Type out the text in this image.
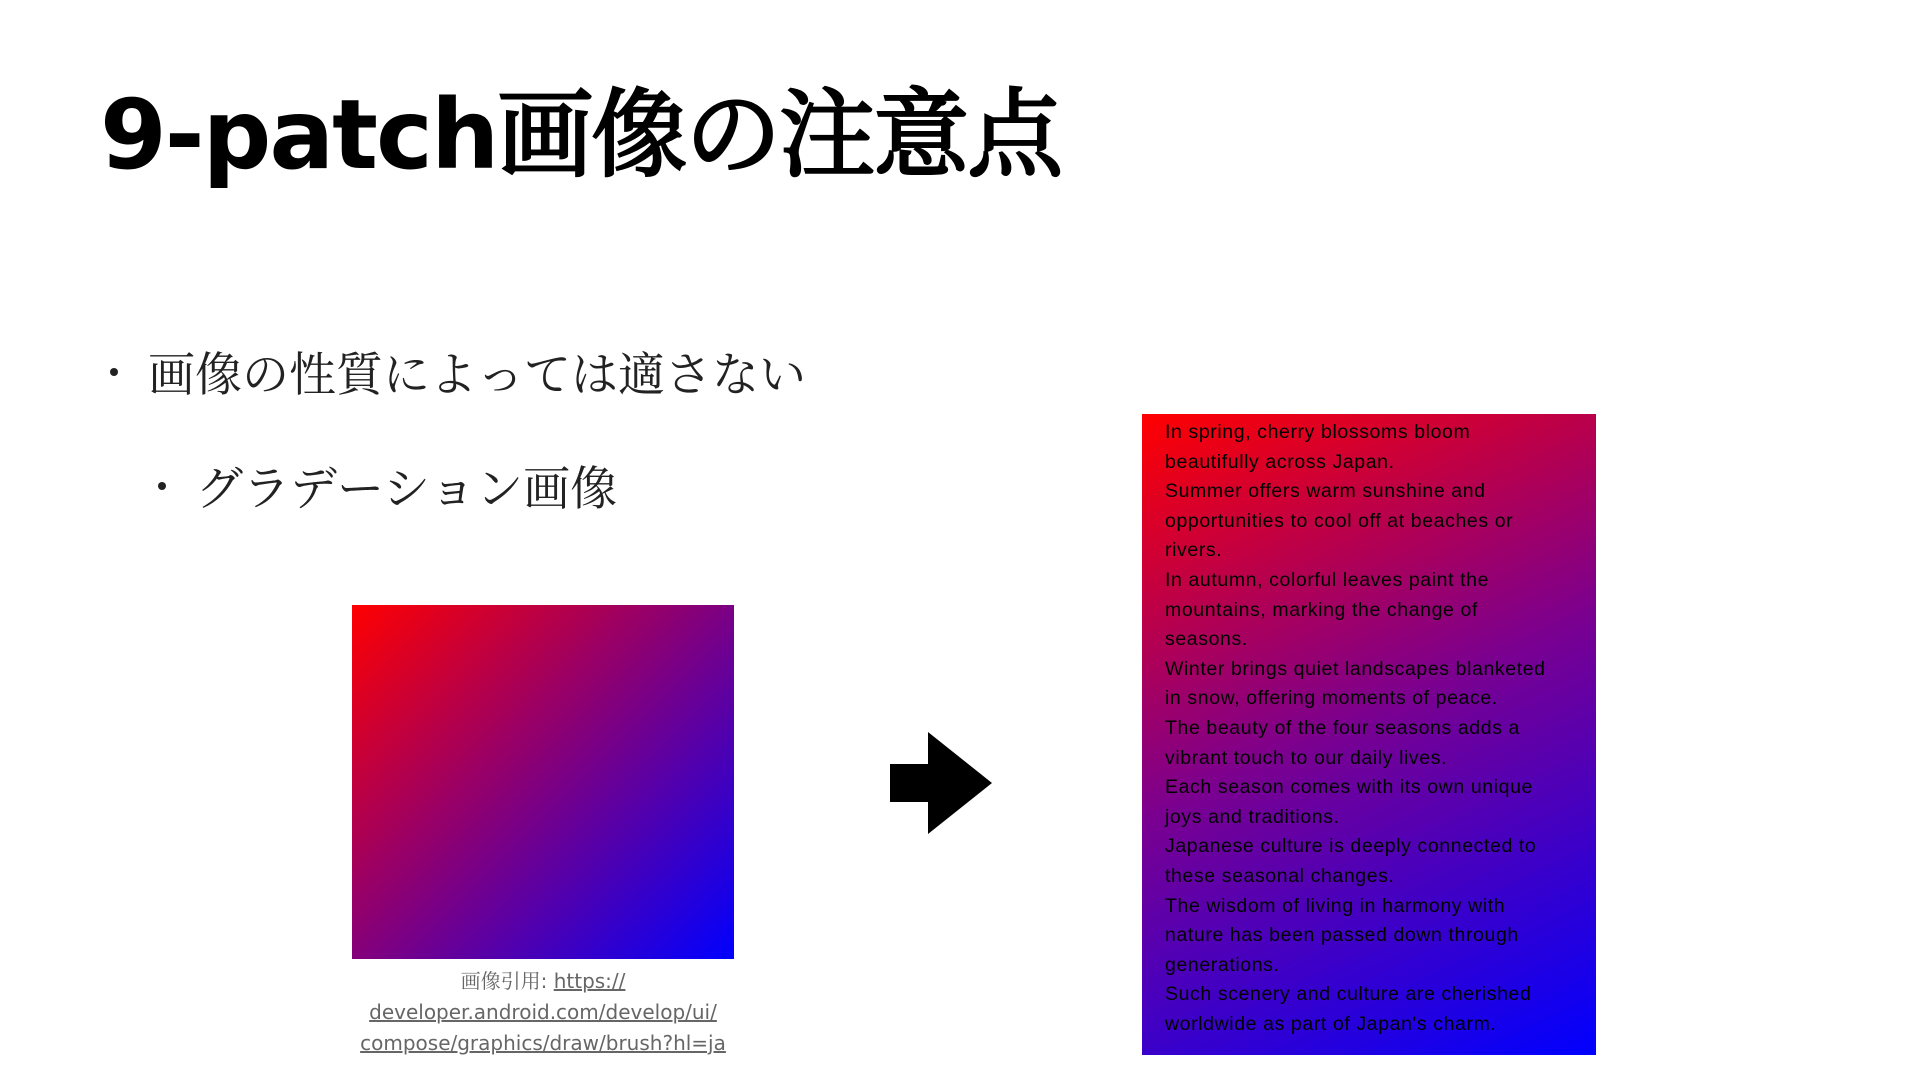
9-patch画像の注意点
画像の性質によっては適さない
グラデーション画像
画像引用: https://
developer.android.com/develop/ui/
compose/graphics/draw/brush?hl=ja

In spring, cherry blossoms bloom

beautifully across Japan.

Summer offers warm sunshine and

opportunities to cool off at beaches or

rivers.

In autumn, colorful leaves paint the

mountains, marking the change of

seasons.

Winter brings quiet landscapes blanketed

in snow, offering moments of peace.

The beauty of the four seasons adds a

vibrant touch to our daily lives.

Each season comes with its own unique

joys and traditions.

Japanese culture is deeply connected to

these seasonal changes.

The wisdom of living in harmony with

nature has been passed down through

generations.

Such scenery and culture are cherished

worldwide as part of Japan's charm.
